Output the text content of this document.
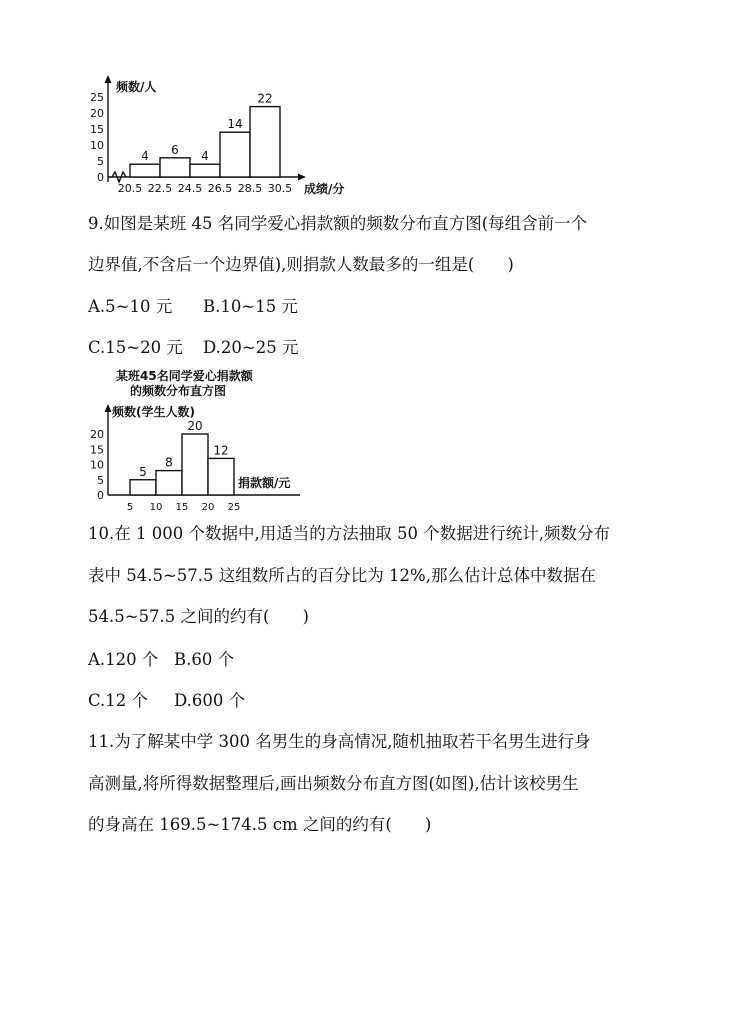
频数/人
成绩/分
0
5
10
15
20
25
20.5 22.5 24.5 26.5 28.5 30.5
4 6 4
14
22
某班45名同学爱心捐款额
的频数分布直方图
频数(学生人数)
捐款额/元
0
5
10
15
20
5 10 15 20 25
5
8
20
12

9.如图是某班 45 名同学爱心捐款额的频数分布直方图(每组含前一个

边界值,不含后一个边界值),则捐款人数最多的一组是(　　)

A.5~10 元 B.10~15 元

C.15~20 元 D.20~25 元

10.在 1 000 个数据中,用适当的方法抽取 50 个数据进行统计,频数分布

表中 54.5~57.5 这组数所占的百分比为 12%,那么估计总体中数据在

54.5~57.5 之间的约有(　　)

A.120 个 B.60 个

C.12 个 D.600 个

11.为了解某中学 300 名男生的身高情况,随机抽取若干名男生进行身

高测量,将所得数据整理后,画出频数分布直方图(如图),估计该校男生

的身高在 169.5~174.5 cm 之间的约有(　　)
